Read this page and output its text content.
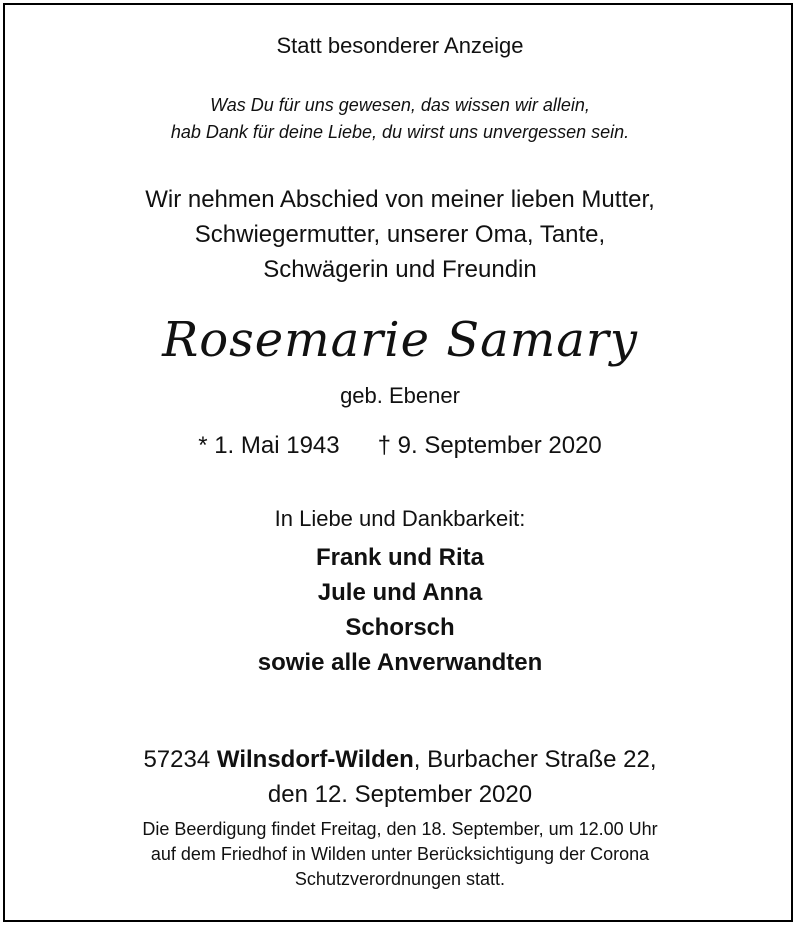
Statt besonderer Anzeige
Was Du für uns gewesen, das wissen wir allein,
hab Dank für deine Liebe, du wirst uns unvergessen sein.
Wir nehmen Abschied von meiner lieben Mutter,
Schwiegermutter, unserer Oma, Tante,
Schwägerin und Freundin
Rosemarie Samary
geb. Ebener
* 1. Mai 1943 † 9. September 2020
In Liebe und Dankbarkeit:
Frank und Rita
Jule und Anna
Schorsch
sowie alle Anverwandten
57234 Wilnsdorf-Wilden, Burbacher Straße 22,
den 12. September 2020
Die Beerdigung findet Freitag, den 18. September, um 12.00 Uhr
auf dem Friedhof in Wilden unter Berücksichtigung der Corona
Schutzverordnungen statt.
